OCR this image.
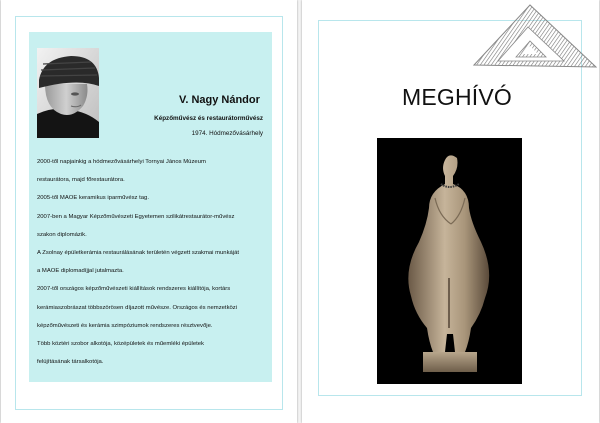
V. Nagy Nándor
Képzőművész és restaurátorművész
1974. Hódmezővásárhely
2000-től napjainkig a hódmezővásárhelyi Tornyai János Múzeum
restaurátora, majd főrestaurátora.
2005-től MAOE keramikus iparművész tag.
2007-ben a Magyar Képzőművészeti Egyetemen szilikátrestaurátor-művész
szakon diplomázik.
A Zsolnay épületkerámia restaurálásának területén végzett szakmai munkáját
a MAOE diplomadíjjal jutalmazta.
2007-től országos képzőművészeti kiállítások rendszeres kiállítója, kortárs
kerámiaszobrászat többszörösen díjazott művésze. Országos és nemzetközi
képzőművészeti és kerámia szimpóziumok rendszeres résztvevője.
Több köztéri szobor alkotója, középületek és műemléki épületek
felújításának társalkotója.
MEGHÍVÓ
